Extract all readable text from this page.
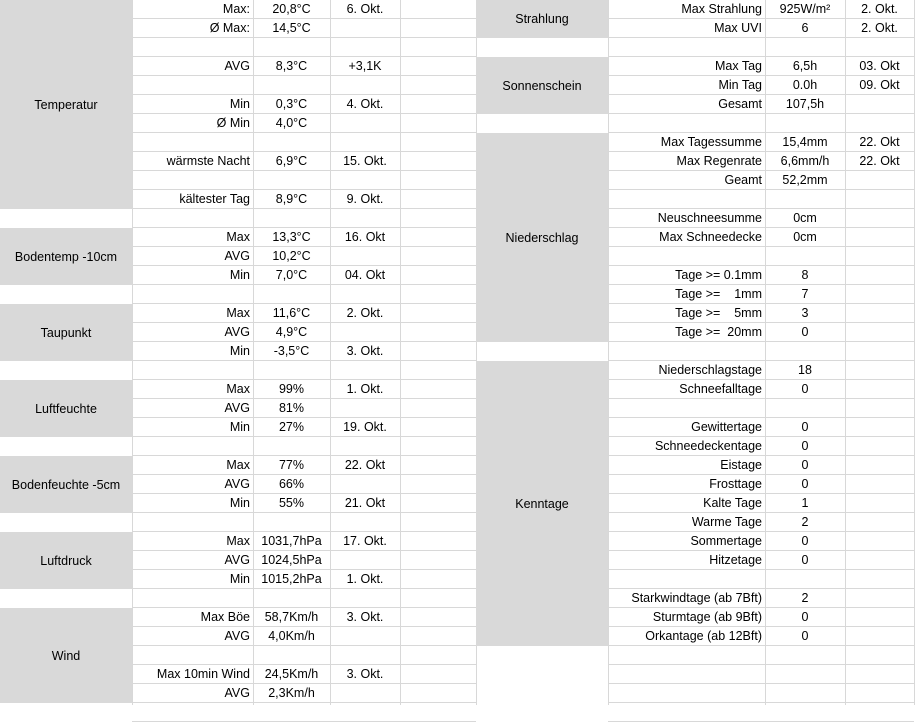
Temperatur
Max:	20,8°C	6. Okt.
Ø Max:	14,5°C
AVG	8,3°C	+3,1K
Min	0,3°C	4. Okt.
Ø Min	4,0°C
wärmste Nacht	6,9°C	15. Okt.
kältester Tag	8,9°C	9. Okt.
Bodentemp -10cm
Max	13,3°C	16. Okt
AVG	10,2°C
Min	7,0°C	04. Okt
Taupunkt
Max	11,6°C	2. Okt.
AVG	4,9°C
Min	-3,5°C	3. Okt.
Luftfeuchte
Max	99%	1. Okt.
AVG	81%
Min	27%	19. Okt.
Bodenfeuchte -5cm
Max	77%	22. Okt
AVG	66%
Min	55%	21. Okt
Luftdruck
Max 1031,7hPa	17. Okt.
AVG 1024,5hPa
Min 1015,2hPa	1. Okt.
Wind
Max Böe	58,7Km/h	3. Okt.
AVG	4,0Km/h
Max 10min Wind	24,5Km/h	3. Okt.
AVG	2,3Km/h
Strahlung
Max Strahlung	925W/m²	2. Okt.
Max UVI	6	2. Okt.
Sonnenschein
Max Tag	6,5h	03. Okt
Min Tag	0.0h	09. Okt
Gesamt	107,5h
Niederschlag
Max Tagessumme	15,4mm	22. Okt
Max Regenrate	6,6mm/h	22. Okt
Geamt	52,2mm
Neuschneesumme	0cm
Max Schneedecke	0cm
Tage >= 0.1mm	8
Tage >=    1mm	7
Tage >=    5mm	3
Tage >=  20mm	0
Kenntage
Niederschlagstage	18
Schneefalltage	0
Gewittertage	0
Schneedeckentage	0
Eistage	0
Frosttage	0
Kalte Tage	1
Warme Tage	2
Sommertage	0
Hitzetage	0
Starkwindtage (ab 7Bft)	2
Sturmtage (ab 9Bft)	0
Orkantage (ab 12Bft)	0
